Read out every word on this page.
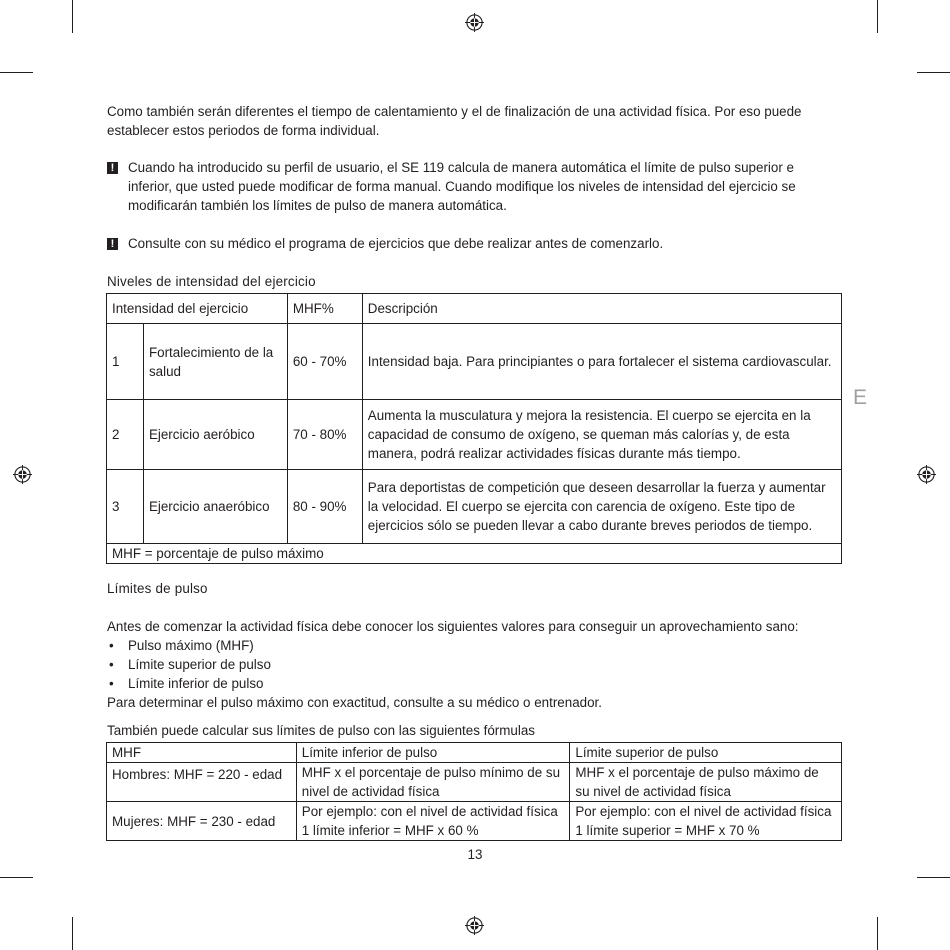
Como también serán diferentes el tiempo de calentamiento y el de finalización de una actividad física. Por eso puede

establecer estos periodos de forma individual.

! Cuando ha introducido su perfil de usuario, el SE 119 calcula de manera automática el límite de pulso superior e

inferior, que usted puede modificar de forma manual. Cuando modifique los niveles de intensidad del ejercicio se

modificarán también los límites de pulso de manera automática.

! Consulte con su médico el programa de ejercicios que debe realizar antes de comenzarlo.

Niveles de intensidad del ejercicio
Intensidad del ejercicio		MHF%	Descripción
1	Fortalecimiento de la salud	60 - 70%	Intensidad baja. Para principiantes o para fortalecer el sistema cardiovascular.
2	Ejercicio aeróbico	70 - 80%	Aumenta la musculatura y mejora la resistencia. El cuerpo se ejercita en la capacidad de consumo de oxígeno, se queman más calorías y, de esta manera, podrá realizar actividades físicas durante más tiempo.
3	Ejercicio anaeróbico	80 - 90%	Para deportistas de competición que deseen desarrollar la fuerza y aumentar la velocidad. El cuerpo se ejercita con carencia de oxígeno. Este tipo de ejercicios sólo se pueden llevar a cabo durante breves periodos de tiempo.
MHF = porcentaje de pulso máximo			
E
Límites de pulso

Antes de comenzar la actividad física debe conocer los siguientes valores para conseguir un aprovechamiento sano:

• Pulso máximo (MHF)
• Límite superior de pulso
• Límite inferior de pulso

Para determinar el pulso máximo con exactitud, consulte a su médico o entrenador.

También puede calcular sus límites de pulso con las siguientes fórmulas

MHF	Límite inferior de pulso	Límite superior de pulso
Hombres: MHF = 220 - edad	MHF x el porcentaje de pulso mínimo de su nivel de actividad física	MHF x el porcentaje de pulso máximo de su nivel de actividad física
Mujeres: MHF = 230 - edad	Por ejemplo: con el nivel de actividad física 1 límite inferior = MHF x 60 %	Por ejemplo: con el nivel de actividad física 1 límite superior = MHF x 70 %
13
